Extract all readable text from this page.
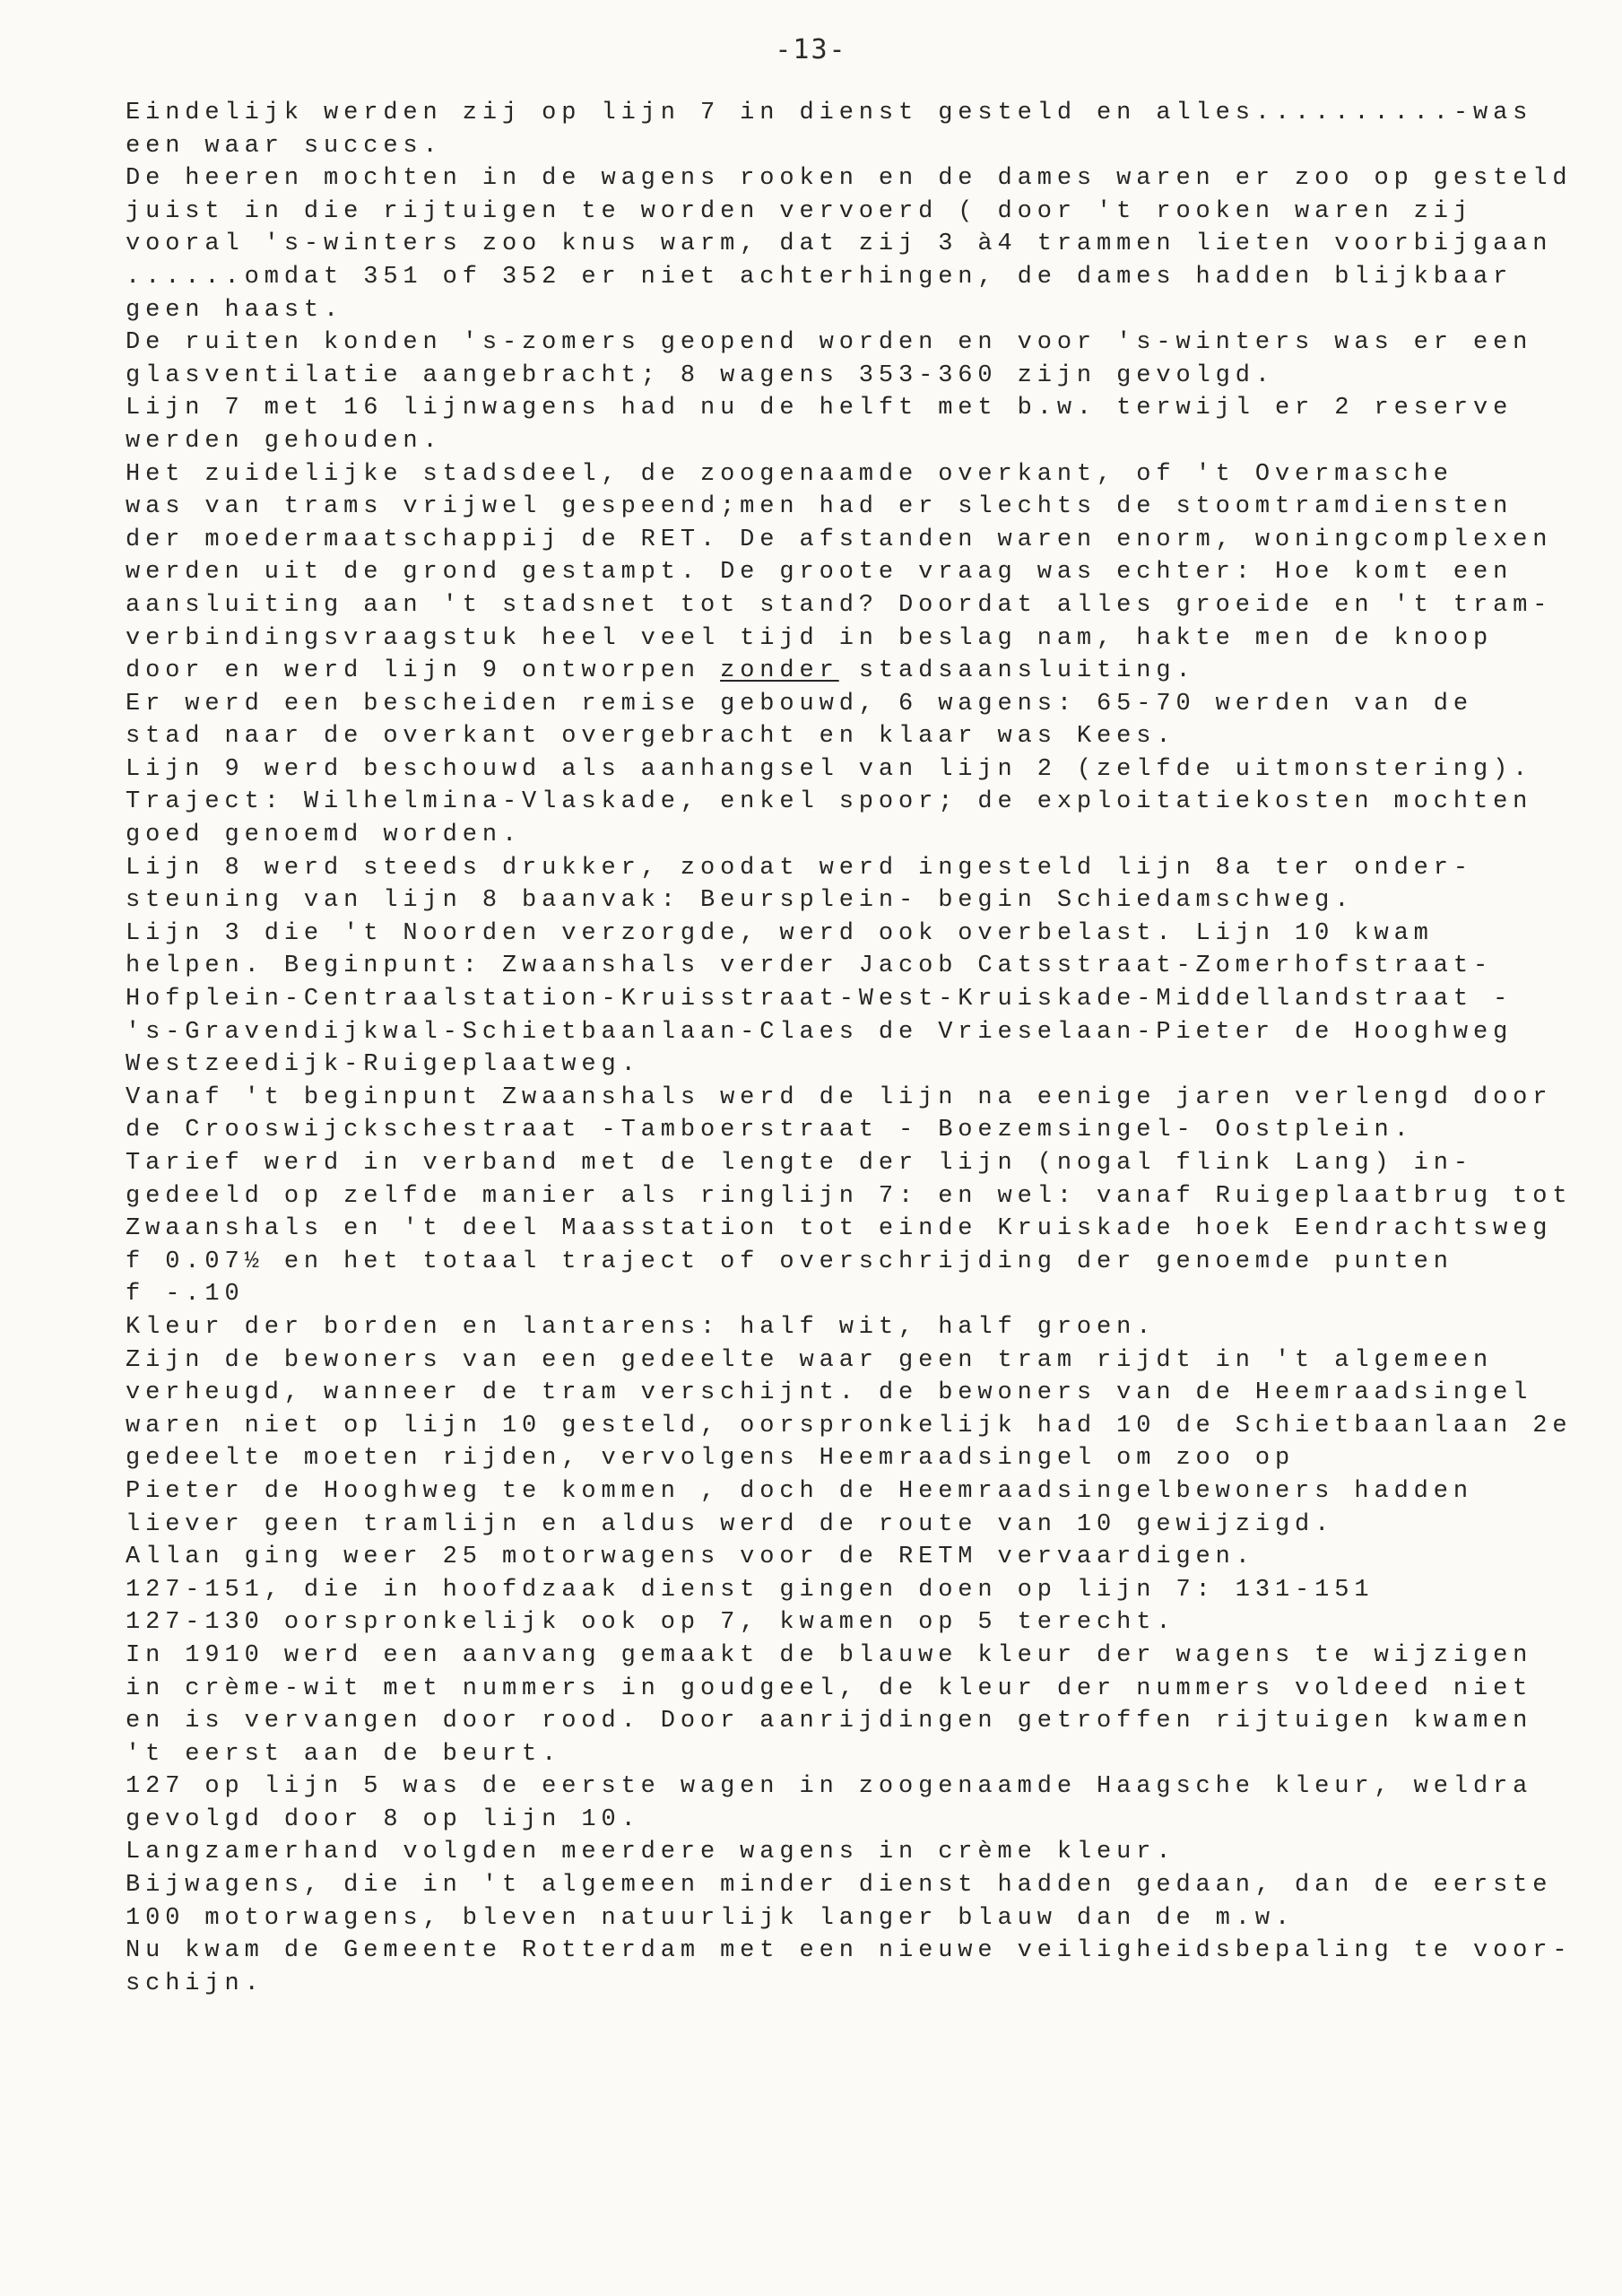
-13-
Eindelijk werden zij op lijn 7 in dienst gesteld en alles..........-was
een waar succes.
De heeren mochten in de wagens rooken en de dames waren er zoo op gesteld
juist in die rijtuigen te worden vervoerd ( door 't rooken waren zij
vooral 's-winters zoo knus warm, dat zij 3 à4 trammen lieten voorbijgaan
......omdat 351 of 352 er niet achterhingen, de dames hadden blijkbaar
geen haast.
De ruiten konden 's-zomers geopend worden en voor 's-winters was er een
glasventilatie aangebracht; 8 wagens 353-360 zijn gevolgd.
Lijn 7 met 16 lijnwagens had nu de helft met b.w. terwijl er 2 reserve
werden gehouden.
Het zuidelijke stadsdeel, de zoogenaamde overkant, of 't Overmasche
was van trams vrijwel gespeend;men had er slechts de stoomtramdiensten
der moedermaatschappij de RET. De afstanden waren enorm, woningcomplexen
werden uit de grond gestampt. De groote vraag was echter: Hoe komt een
aansluiting aan 't stadsnet tot stand? Doordat alles groeide en 't tram-
verbindingsvraagstuk heel veel tijd in beslag nam, hakte men de knoop
door en werd lijn 9 ontworpen zonder stadsaansluiting.
Er werd een bescheiden remise gebouwd, 6 wagens: 65-70 werden van de
stad naar de overkant overgebracht en klaar was Kees.
Lijn 9 werd beschouwd als aanhangsel van lijn 2 (zelfde uitmonstering).
Traject: Wilhelmina-Vlaskade, enkel spoor; de exploitatiekosten mochten
goed genoemd worden.
Lijn 8 werd steeds drukker, zoodat werd ingesteld lijn 8a ter onder-
steuning van lijn 8 baanvak: Beursplein- begin Schiedamschweg.
Lijn 3 die 't Noorden verzorgde, werd ook overbelast. Lijn 10 kwam
helpen. Beginpunt: Zwaanshals verder Jacob Catsstraat-Zomerhofstraat-
Hofplein-Centraalstation-Kruisstraat-West-Kruiskade-Middellandstraat -
's-Gravendijkwal-Schietbaanlaan-Claes de Vrieselaan-Pieter de Hooghweg
Westzeedijk-Ruigeplaatweg.
Vanaf 't beginpunt Zwaanshals werd de lijn na eenige jaren verlengd door
de Crooswijckschestraat -Tamboerstraat - Boezemsingel- Oostplein.
Tarief werd in verband met de lengte der lijn (nogal flink Lang) in-
gedeeld op zelfde manier als ringlijn 7: en wel: vanaf Ruigeplaatbrug tot
Zwaanshals en 't deel Maasstation tot einde Kruiskade hoek Eendrachtsweg
f 0.07½ en het totaal traject of overschrijding der genoemde punten
f -.10
Kleur der borden en lantarens: half wit, half groen.
Zijn de bewoners van een gedeelte waar geen tram rijdt in 't algemeen
verheugd, wanneer de tram verschijnt. de bewoners van de Heemraadsingel
waren niet op lijn 10 gesteld, oorspronkelijk had 10 de Schietbaanlaan 2e
gedeelte moeten rijden, vervolgens Heemraadsingel om zoo op
Pieter de Hooghweg te kommen , doch de Heemraadsingelbewoners hadden
liever geen tramlijn en aldus werd de route van 10 gewijzigd.
Allan ging weer 25 motorwagens voor de RETM vervaardigen.
127-151, die in hoofdzaak dienst gingen doen op lijn 7: 131-151
127-130 oorspronkelijk ook op 7, kwamen op 5 terecht.
In 1910 werd een aanvang gemaakt de blauwe kleur der wagens te wijzigen
in crème-wit met nummers in goudgeel, de kleur der nummers voldeed niet
en is vervangen door rood. Door aanrijdingen getroffen rijtuigen kwamen
't eerst aan de beurt.
127 op lijn 5 was de eerste wagen in zoogenaamde Haagsche kleur, weldra
gevolgd door 8 op lijn 10.
Langzamerhand volgden meerdere wagens in crème kleur.
Bijwagens, die in 't algemeen minder dienst hadden gedaan, dan de eerste
100 motorwagens, bleven natuurlijk langer blauw dan de m.w.
Nu kwam de Gemeente Rotterdam met een nieuwe veiligheidsbepaling te voor-
schijn.
